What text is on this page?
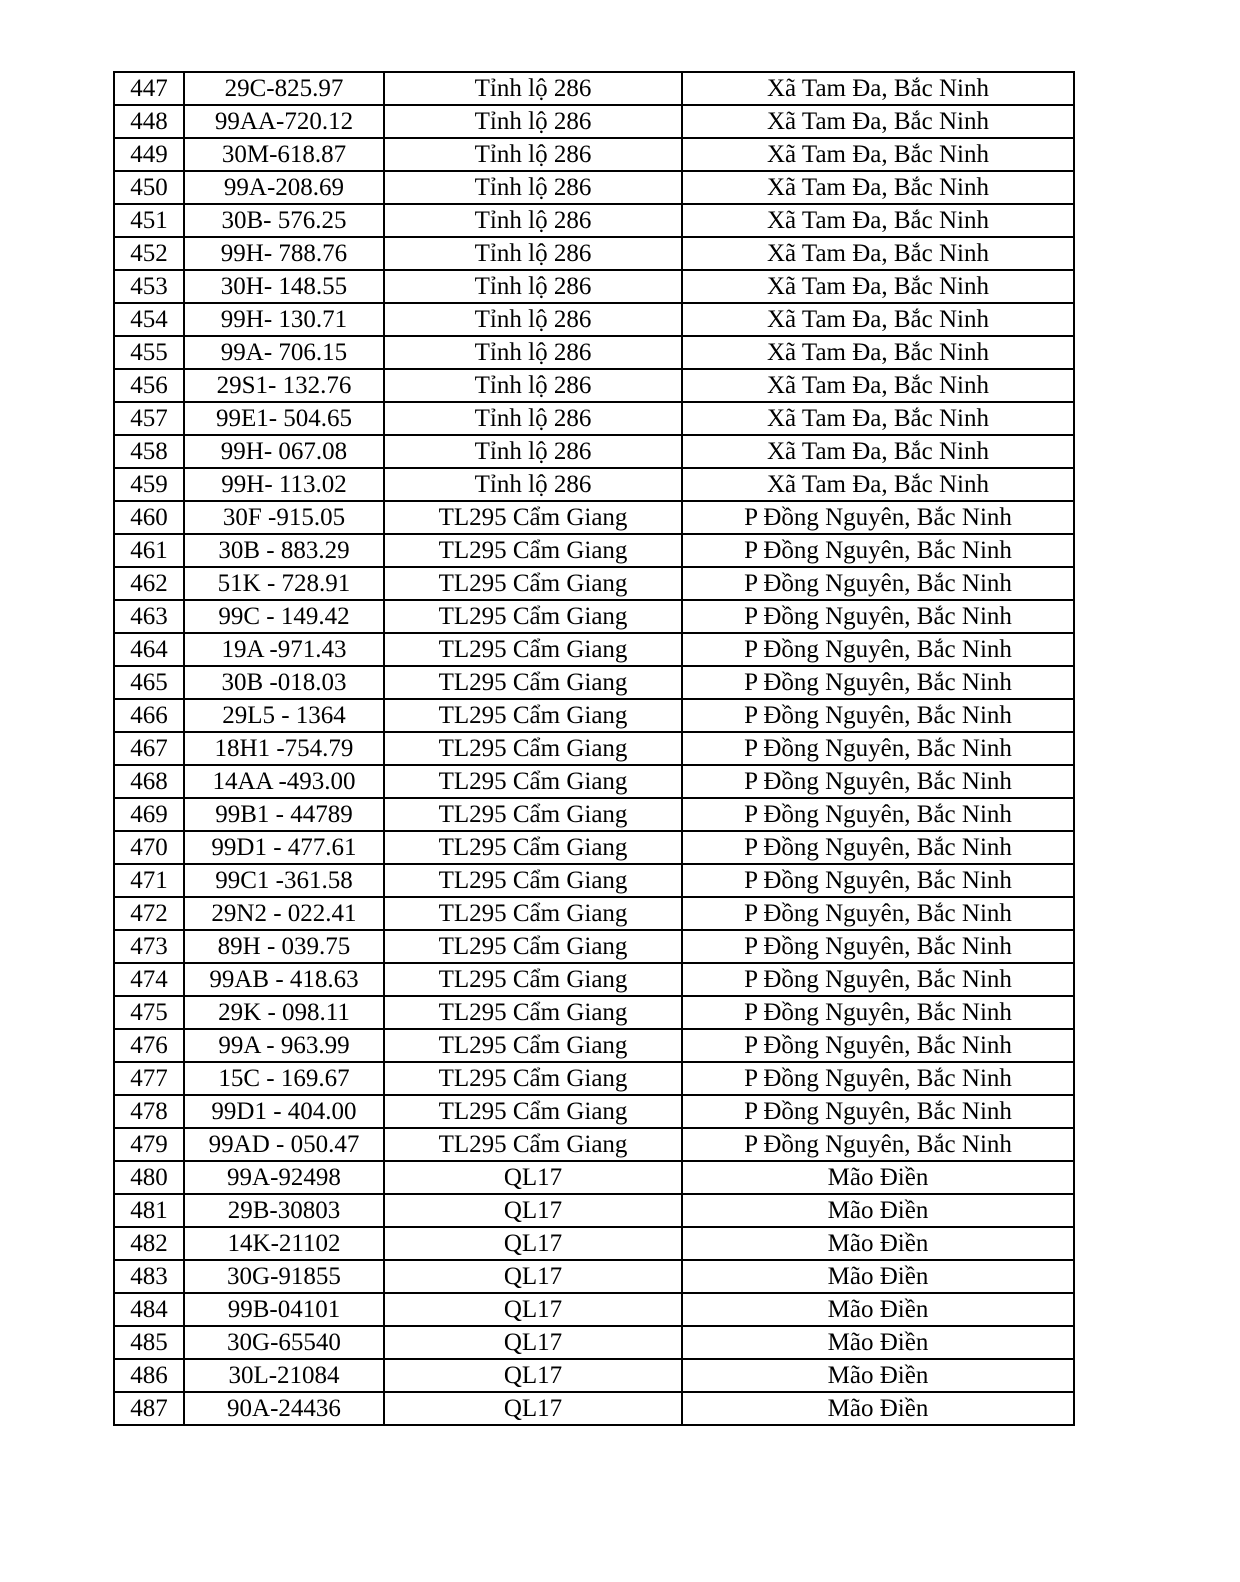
447	29C-825.97	Tỉnh lộ 286	Xã Tam Đa, Bắc Ninh
448	99AA-720.12	Tỉnh lộ 286	Xã Tam Đa, Bắc Ninh
449	30M-618.87	Tỉnh lộ 286	Xã Tam Đa, Bắc Ninh
450	99A-208.69	Tỉnh lộ 286	Xã Tam Đa, Bắc Ninh
451	30B- 576.25	Tỉnh lộ 286	Xã Tam Đa, Bắc Ninh
452	99H- 788.76	Tỉnh lộ 286	Xã Tam Đa, Bắc Ninh
453	30H- 148.55	Tỉnh lộ 286	Xã Tam Đa, Bắc Ninh
454	99H- 130.71	Tỉnh lộ 286	Xã Tam Đa, Bắc Ninh
455	99A- 706.15	Tỉnh lộ 286	Xã Tam Đa, Bắc Ninh
456	29S1- 132.76	Tỉnh lộ 286	Xã Tam Đa, Bắc Ninh
457	99E1- 504.65	Tỉnh lộ 286	Xã Tam Đa, Bắc Ninh
458	99H- 067.08	Tỉnh lộ 286	Xã Tam Đa, Bắc Ninh
459	99H- 113.02	Tỉnh lộ 286	Xã Tam Đa, Bắc Ninh
460	30F -915.05	TL295 Cẩm Giang	P Đồng Nguyên, Bắc Ninh
461	30B - 883.29	TL295 Cẩm Giang	P Đồng Nguyên, Bắc Ninh
462	51K - 728.91	TL295 Cẩm Giang	P Đồng Nguyên, Bắc Ninh
463	99C - 149.42	TL295 Cẩm Giang	P Đồng Nguyên, Bắc Ninh
464	19A -971.43	TL295 Cẩm Giang	P Đồng Nguyên, Bắc Ninh
465	30B -018.03	TL295 Cẩm Giang	P Đồng Nguyên, Bắc Ninh
466	29L5 - 1364	TL295 Cẩm Giang	P Đồng Nguyên, Bắc Ninh
467	18H1 -754.79	TL295 Cẩm Giang	P Đồng Nguyên, Bắc Ninh
468	14AA -493.00	TL295 Cẩm Giang	P Đồng Nguyên, Bắc Ninh
469	99B1 - 44789	TL295 Cẩm Giang	P Đồng Nguyên, Bắc Ninh
470	99D1 - 477.61	TL295 Cẩm Giang	P Đồng Nguyên, Bắc Ninh
471	99C1 -361.58	TL295 Cẩm Giang	P Đồng Nguyên, Bắc Ninh
472	29N2 - 022.41	TL295 Cẩm Giang	P Đồng Nguyên, Bắc Ninh
473	89H - 039.75	TL295 Cẩm Giang	P Đồng Nguyên, Bắc Ninh
474	99AB - 418.63	TL295 Cẩm Giang	P Đồng Nguyên, Bắc Ninh
475	29K - 098.11	TL295 Cẩm Giang	P Đồng Nguyên, Bắc Ninh
476	99A - 963.99	TL295 Cẩm Giang	P Đồng Nguyên, Bắc Ninh
477	15C - 169.67	TL295 Cẩm Giang	P Đồng Nguyên, Bắc Ninh
478	99D1 - 404.00	TL295 Cẩm Giang	P Đồng Nguyên, Bắc Ninh
479	99AD - 050.47	TL295 Cẩm Giang	P Đồng Nguyên, Bắc Ninh
480	99A-92498	QL17	Mão Điền
481	29B-30803	QL17	Mão Điền
482	14K-21102	QL17	Mão Điền
483	30G-91855	QL17	Mão Điền
484	99B-04101	QL17	Mão Điền
485	30G-65540	QL17	Mão Điền
486	30L-21084	QL17	Mão Điền
487	90A-24436	QL17	Mão Điền
